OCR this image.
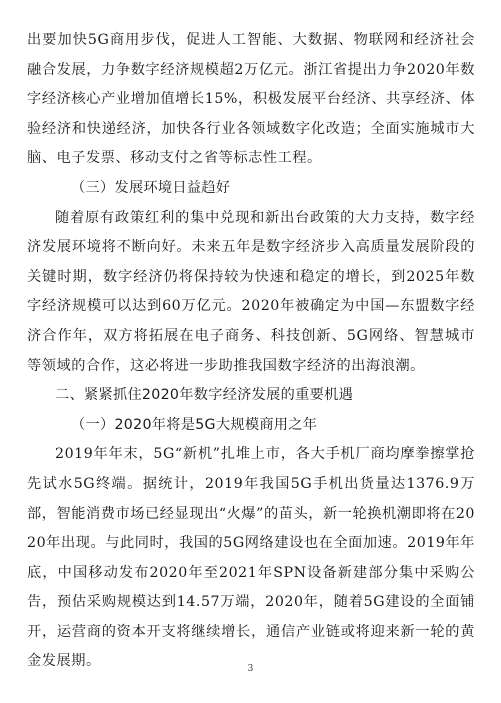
出要加快5G商用步伐，促进人工智能、大数据、物联网和经济社会融合发展，力争数字经济规模超2万亿元。浙江省提出力争2020年数字经济核心产业增加值增长15%，积极发展平台经济、共享经济、体验经济和快递经济，加快各行业各领域数字化改造；全面实施城市大脑、电子发票、移动支付之省等标志性工程。

（三）发展环境日益趋好

随着原有政策红利的集中兑现和新出台政策的大力支持，数字经济发展环境将不断向好。未来五年是数字经济步入高质量发展阶段的关键时期，数字经济仍将保持较为快速和稳定的增长，到2025年数字经济规模可以达到60万亿元。2020年被确定为中国—东盟数字经济合作年，双方将拓展在电子商务、科技创新、5G网络、智慧城市等领域的合作，这必将进一步助推我国数字经济的出海浪潮。

二、紧紧抓住2020年数字经济发展的重要机遇

（一）2020年将是5G大规模商用之年

2019年年末，5G“新机”扎堆上市，各大手机厂商均摩拳擦掌抢先试水5G终端。据统计，2019年我国5G手机出货量达1376.9万部，智能消费市场已经显现出“火爆”的苗头，新一轮换机潮即将在2020年出现。与此同时，我国的5G网络建设也在全面加速。2019年年底，中国移动发布2020年至2021年SPN设备新建部分集中采购公告，预估采购规模达到14.57万端，2020年，随着5G建设的全面铺开，运营商的资本开支将继续增长，通信产业链或将迎来新一轮的黄金发展期。	3
